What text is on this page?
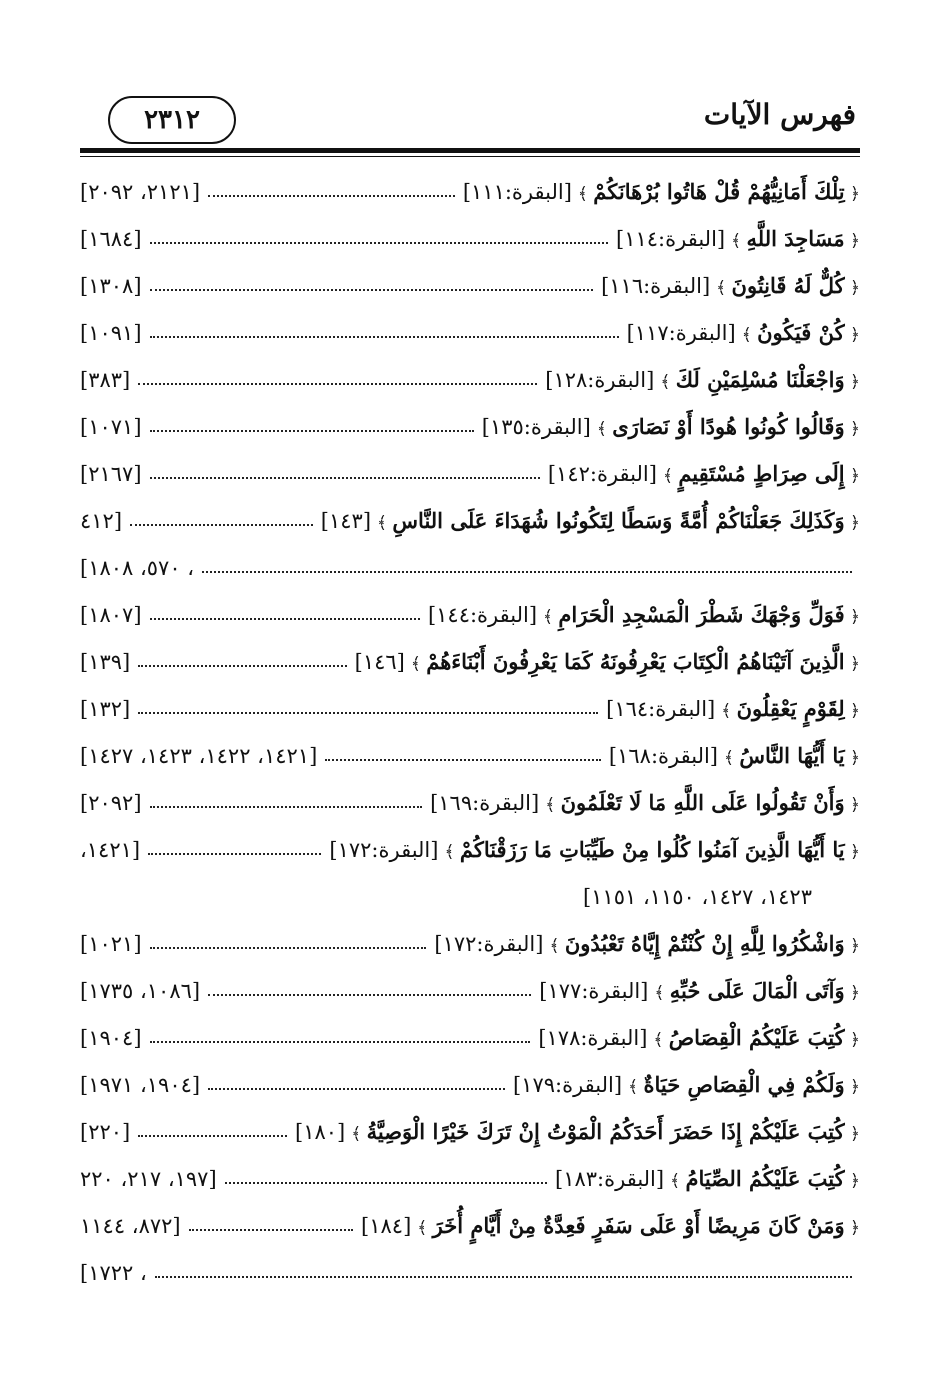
٢٣١٢	فهرس الآيات
﴿ تِلْكَ أَمَانِيُّهُمْ قُلْ هَاتُوا بُرْهَانَكُمْ ﴾
[البقرة:١١١]
[٢١٢١، ٢٠٩٢]
﴿ مَسَاجِدَ اللَّهِ ﴾
[البقرة:١١٤]
[١٦٨٤]
﴿ كُلٌّ لَهُ قَانِتُونَ ﴾
[البقرة:١١٦]
[١٣٠٨]
﴿ كُنْ فَيَكُونُ ﴾
[البقرة:١١٧]
[١٠٩١]
﴿ وَاجْعَلْنَا مُسْلِمَيْنِ لَكَ ﴾
[البقرة:١٢٨]
[٣٨٣]
﴿ وَقَالُوا كُونُوا هُودًا أَوْ نَصَارَى ﴾
[البقرة:١٣٥]
[١٠٧١]
﴿ إِلَى صِرَاطٍ مُسْتَقِيمٍ ﴾
[البقرة:١٤٢]
[٢١٦٧]
﴿ وَكَذَلِكَ جَعَلْنَاكُمْ أُمَّةً وَسَطًا لِتَكُونُوا شُهَدَاءَ عَلَى النَّاسِ ﴾
[١٤٣]
[٤١٢
، ٥٧٠، ١٨٠٨]
﴿ فَوَلِّ وَجْهَكَ شَطْرَ الْمَسْجِدِ الْحَرَامِ ﴾
[البقرة:١٤٤]
[١٨٠٧]
﴿ الَّذِينَ آتَيْنَاهُمُ الْكِتَابَ يَعْرِفُونَهُ كَمَا يَعْرِفُونَ أَبْنَاءَهُمْ ﴾
[١٤٦]
[١٣٩]
﴿ لِقَوْمٍ يَعْقِلُونَ ﴾
[البقرة:١٦٤]
[١٣٢]
﴿ يَا أَيُّهَا النَّاسُ ﴾
[البقرة:١٦٨]
[١٤٢١، ١٤٢٢، ١٤٢٣، ١٤٢٧]
﴿ وَأَنْ تَقُولُوا عَلَى اللَّهِ مَا لَا تَعْلَمُونَ ﴾
[البقرة:١٦٩]
[٢٠٩٢]
﴿ يَا أَيُّهَا الَّذِينَ آمَنُوا كُلُوا مِنْ طَيِّبَاتِ مَا رَزَقْنَاكُمْ ﴾
[البقرة:١٧٢]
[١٤٢١،
١٤٢٣، ١٤٢٧، ١١٥٠، ١١٥١]
﴿ وَاشْكُرُوا لِلَّهِ إِنْ كُنْتُمْ إِيَّاهُ تَعْبُدُونَ ﴾
[البقرة:١٧٢]
[١٠٢١]
﴿ وَآتَى الْمَالَ عَلَى حُبِّهِ ﴾
[البقرة:١٧٧]
[١٠٨٦، ١٧٣٥]
﴿ كُتِبَ عَلَيْكُمُ الْقِصَاصُ ﴾
[البقرة:١٧٨]
[١٩٠٤]
﴿ وَلَكُمْ فِي الْقِصَاصِ حَيَاةٌ ﴾
[البقرة:١٧٩]
[١٩٠٤، ١٩٧١]
﴿ كُتِبَ عَلَيْكُمْ إِذَا حَضَرَ أَحَدَكُمُ الْمَوْتُ إِنْ تَرَكَ خَيْرًا الْوَصِيَّةُ ﴾
[١٨٠]
[٢٢٠]
﴿ كُتِبَ عَلَيْكُمُ الصِّيَامُ ﴾
[البقرة:١٨٣]
[١٩٧، ٢١٧، ٢٢٠
﴿ وَمَنْ كَانَ مَرِيضًا أَوْ عَلَى سَفَرٍ فَعِدَّةٌ مِنْ أَيَّامٍ أُخَرَ ﴾
[١٨٤]
[٨٧٢، ١١٤٤
، ١٧٢٢]
